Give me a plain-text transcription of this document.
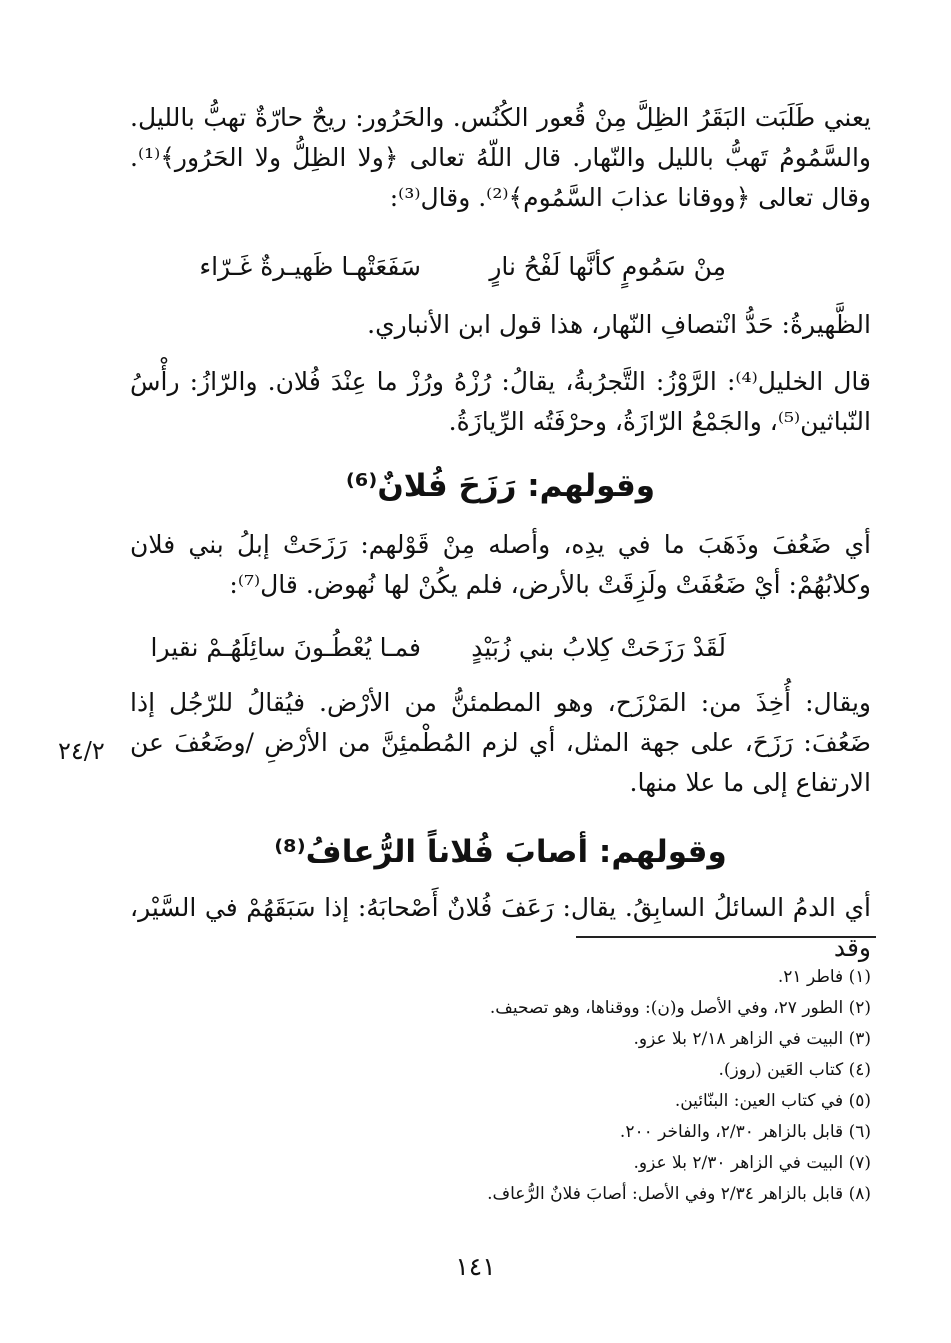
يعني طَلَبَت البَقَرُ الظِلَّ مِنْ قُعور الكُنُس. والحَرُور: ريحٌ حارّةٌ تهبُّ بالليل. والسَّمُومُ تَهبُّ بالليل والنّهار. قال اللّهُ تعالى ﴿ولا الظِلُّ ولا الحَرُور﴾⁽¹⁾. وقال تعالى ﴿ووقانا عذابَ السَّمُوم﴾⁽²⁾. وقال⁽³⁾:

مِنْ سَمُومٍ كأنَّها لَفْحُ نارٍ
سَفَعَتْهـا ظَهيـرةٌ غَـرّاء

الظَّهيرةُ: حَدُّ انْتصافِ النّهار، هذا قول ابن الأنباري.

قال الخليل⁽⁴⁾: الرَّوْزُ: التَّجرُبةُ، يقالُ: رُزْهُ ورُزْ ما عِنْدَ فُلان. والرّازُ: رأْسُ النّباثين⁽⁵⁾، والجَمْعُ الرّازَةُ، وحرْفَتُه الرِّيازَةُ.

وقولهم: رَزَحَ فُلانٌ⁽⁶⁾

أي ضَعُفَ وذَهَبَ ما في يدِه، وأصله مِنْ قَوْلهم: رَزَحَتْ إبلُ بني فلان وكلابُهُمْ: أيْ ضَعُفَتْ ولَزِقَتْ بالأرض، فلم يكُنْ لها نُهوض. قال⁽⁷⁾:

لَقَدْ رَزَحَتْ كِلابُ بني زُبَيْدٍ
فمـا يُعْطُـونَ سائِلَهُـمْ نقيرا

ويقال: أُخِذَ من: المَرْزَح، وهو المطمئنُّ من الأرْض. فيُقالُ للرّجُل إذا ضَعُفَ: رَزَحَ، على جهة المثل، أي لزم المُطْمئِنَّ من الأرْضِ /وضَعُفَ عن الارتفاع إلى ما علا منها.

٢٤/٢
وقولهم: أصابَ فُلاناً الرُّعافُ⁽⁸⁾

أي الدمُ السائلُ السابِقُ. يقال: رَعَفَ فُلانٌ أَصْحابَهُ: إذا سَبَقَهُمْ في السَّيْر، وقد

(١) فاطر ٢١.
(٢) الطور ٢٧، وفي الأصل و(ن): ووقناها، وهو تصحيف.
(٣) البيت في الزاهر ٢/١٨ بلا عزو.
(٤) كتاب العَين (روز).
(٥) في كتاب العين: البنّائين.
(٦) قابل بالزاهر ٢/٣٠، والفاخر ٢٠٠.
(٧) البيت في الزاهر ٢/٣٠ بلا عزو.
(٨) قابل بالزاهر ٢/٣٤ وفي الأصل: أصابَ فلانٌ الرُّعاف.
١٤١
